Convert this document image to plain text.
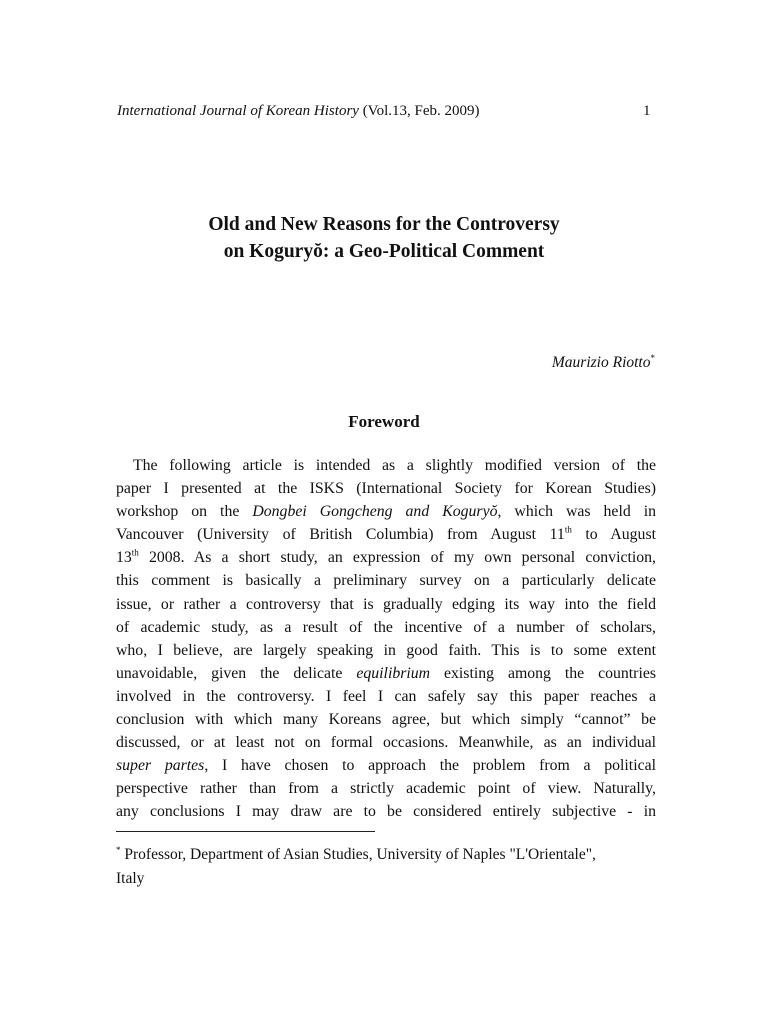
International Journal of Korean History (Vol.13, Feb. 2009)	1
Old and New Reasons for the Controversy
on Koguryŏ: a Geo-Political Comment
Maurizio Riotto*
Foreword
The following article is intended as a slightly modified version of the
paper I presented at the ISKS (International Society for Korean Studies)
workshop on the Dongbei Gongcheng and Koguryŏ, which was held in
Vancouver (University of British Columbia) from August 11th to August
13th 2008. As a short study, an expression of my own personal conviction,
this comment is basically a preliminary survey on a particularly delicate
issue, or rather a controversy that is gradually edging its way into the field
of academic study, as a result of the incentive of a number of scholars,
who, I believe, are largely speaking in good faith. This is to some extent
unavoidable, given the delicate equilibrium existing among the countries
involved in the controversy. I feel I can safely say this paper reaches a
conclusion with which many Koreans agree, but which simply “cannot” be
discussed, or at least not on formal occasions. Meanwhile, as an individual
super partes, I have chosen to approach the problem from a political
perspective rather than from a strictly academic point of view. Naturally,
any conclusions I may draw are to be considered entirely subjective - in
* Professor, Department of Asian Studies, University of Naples "L'Orientale",
Italy
